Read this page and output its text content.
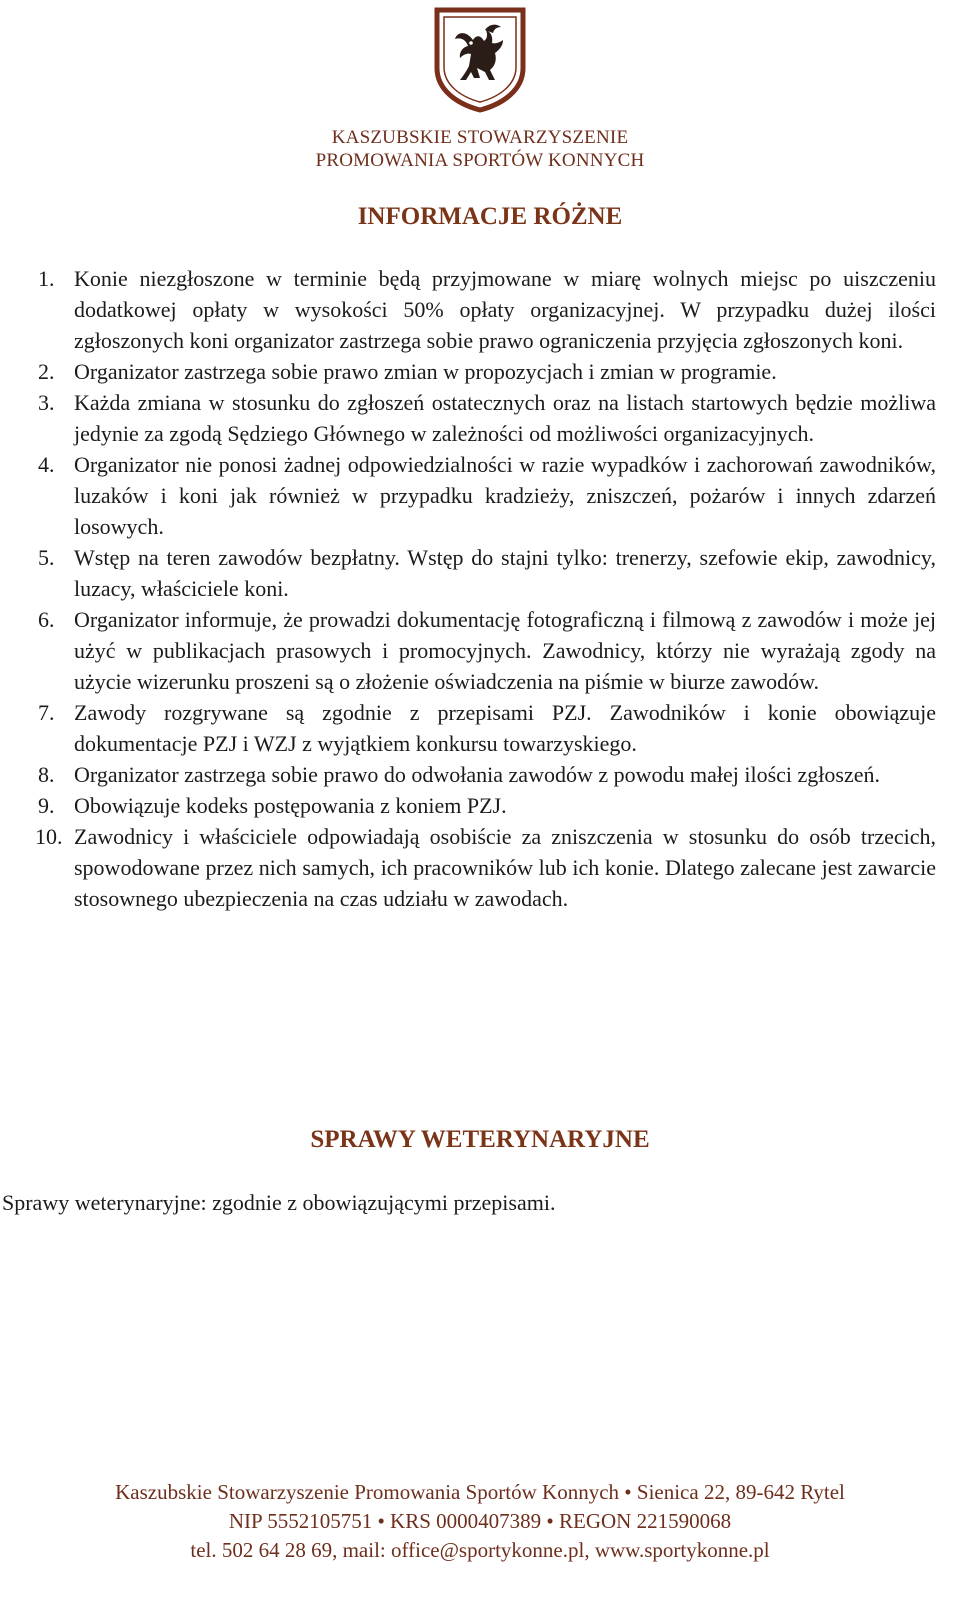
KASZUBSKIE STOWARZYSZENIE
PROMOWANIA SPORTÓW KONNYCH
INFORMACJE RÓŻNE
1. Konie niezgłoszone w terminie będą przyjmowane w miarę wolnych miejsc po uiszczeniu dodatkowej opłaty w wysokości 50% opłaty organizacyjnej. W przypadku dużej ilości zgłoszonych koni organizator zastrzega sobie prawo ograniczenia przyjęcia zgłoszonych koni.
2. Organizator zastrzega sobie prawo zmian w propozycjach i zmian w programie.
3. Każda zmiana w stosunku do zgłoszeń ostatecznych oraz na listach startowych będzie możliwa jedynie za zgodą Sędziego Głównego w zależności od możliwości organizacyjnych.
4. Organizator nie ponosi żadnej odpowiedzialności w razie wypadków i zachorowań zawodników, luzaków i koni jak również w przypadku kradzieży, zniszczeń, pożarów i innych zdarzeń losowych.
5. Wstęp na teren zawodów bezpłatny. Wstęp do stajni tylko: trenerzy, szefowie ekip, zawodnicy, luzacy, właściciele koni.
6. Organizator informuje, że prowadzi dokumentację fotograficzną i filmową z zawodów i może jej użyć w publikacjach prasowych i promocyjnych. Zawodnicy, którzy nie wyrażają zgody na użycie wizerunku proszeni są o złożenie oświadczenia na piśmie w biurze zawodów.
7. Zawody rozgrywane są zgodnie z przepisami PZJ. Zawodników i konie obowiązuje dokumentacje PZJ i WZJ z wyjątkiem konkursu towarzyskiego.
8. Organizator zastrzega sobie prawo do odwołania zawodów z powodu małej ilości zgłoszeń.
9. Obowiązuje kodeks postępowania z koniem PZJ.
10. Zawodnicy i właściciele odpowiadają osobiście za zniszczenia w stosunku do osób trzecich, spowodowane przez nich samych, ich pracowników lub ich konie. Dlatego zalecane jest zawarcie stosownego ubezpieczenia na czas udziału w zawodach.
SPRAWY WETERYNARYJNE
Sprawy weterynaryjne: zgodnie z obowiązującymi przepisami.
Kaszubskie Stowarzyszenie Promowania Sportów Konnych • Sienica 22, 89-642 Rytel
NIP 5552105751 • KRS 0000407389 • REGON 221590068
tel. 502 64 28 69, mail: office@sportykonne.pl, www.sportykonne.pl
